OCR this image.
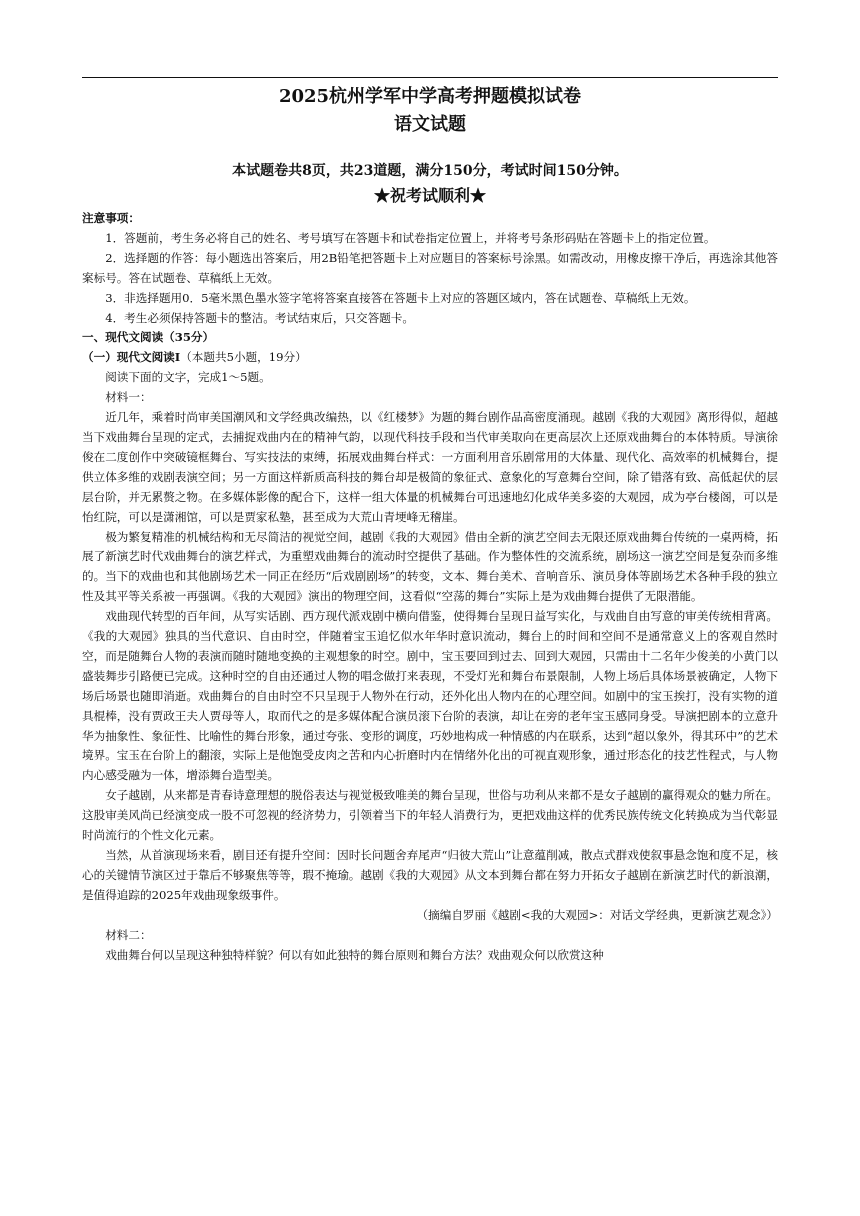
2025杭州学军中学高考押题模拟试卷
语文试题
本试题卷共8页，共23道题，满分150分，考试时间150分钟。
★祝考试顺利★

注意事项：

1．答题前，考生务必将自己的姓名、考号填写在答题卡和试卷指定位置上，并将考号条形码贴在答题卡上的指定位置。

2．选择题的作答：每小题选出答案后，用2B铅笔把答题卡上对应题目的答案标号涂黑。如需改动，用橡皮擦干净后，再选涂其他答案标号。答在试题卷、草稿纸上无效。

3．非选择题用0．5毫米黑色墨水签字笔将答案直接答在答题卡上对应的答题区域内，答在试题卷、草稿纸上无效。

4．考生必须保持答题卡的整洁。考试结束后，只交答题卡。

一、现代文阅读（35分）

（一）现代文阅读Ⅰ（本题共5小题，19分）

阅读下面的文字，完成1～5题。

材料一：

近几年，乘着时尚审美国潮风和文学经典改编热，以《红楼梦》为题的舞台剧作品高密度涌现。越剧《我的大观园》离形得似，超越当下戏曲舞台呈现的定式，去捕捉戏曲内在的精神气韵，以现代科技手段和当代审美取向在更高层次上还原戏曲舞台的本体特质。导演徐俊在二度创作中突破镜框舞台、写实技法的束缚，拓展戏曲舞台样式：一方面利用音乐剧常用的大体量、现代化、高效率的机械舞台，提供立体多维的戏剧表演空间；另一方面这样新质高科技的舞台却是极简的象征式、意象化的写意舞台空间，除了错落有致、高低起伏的层层台阶，并无累赘之物。在多媒体影像的配合下，这样一组大体量的机械舞台可迅速地幻化成华美多姿的大观园，成为亭台楼阁，可以是怡红院，可以是潇湘馆，可以是贾家私塾，甚至成为大荒山青埂峰无稽崖。

极为繁复精准的机械结构和无尽简洁的视觉空间，越剧《我的大观园》借由全新的演艺空间去无限还原戏曲舞台传统的一桌两椅，拓展了新演艺时代戏曲舞台的演艺样式，为重塑戏曲舞台的流动时空提供了基础。作为整体性的交流系统，剧场这一演艺空间是复杂而多维的。当下的戏曲也和其他剧场艺术一同正在经历“后戏剧剧场”的转变，文本、舞台美术、音响音乐、演员身体等剧场艺术各种手段的独立性及其平等关系被一再强调。《我的大观园》演出的物理空间，这看似“空荡的舞台”实际上是为戏曲舞台提供了无限潜能。

戏曲现代转型的百年间，从写实话剧、西方现代派戏剧中横向借鉴，使得舞台呈现日益写实化，与戏曲自由写意的审美传统相背离。《我的大观园》独具的当代意识、自由时空，伴随着宝玉追忆似水年华时意识流动，舞台上的时间和空间不是通常意义上的客观自然时空，而是随舞台人物的表演而随时随地变换的主观想象的时空。剧中，宝玉要回到过去、回到大观园，只需由十二名年少俊美的小黄门以盛装舞步引路便已完成。这种时空的自由还通过人物的唱念做打来表现，不受灯光和舞台布景限制，人物上场后具体场景被确定，人物下场后场景也随即消逝。戏曲舞台的自由时空不只呈现于人物外在行动，还外化出人物内在的心理空间。如剧中的宝玉挨打，没有实物的道具棍棒，没有贾政王夫人贾母等人，取而代之的是多媒体配合演员滚下台阶的表演，却让在旁的老年宝玉感同身受。导演把剧本的立意升华为抽象性、象征性、比喻性的舞台形象，通过夸张、变形的调度，巧妙地构成一种情感的内在联系，达到“超以象外，得其环中”的艺术境界。宝玉在台阶上的翻滚，实际上是他饱受皮肉之苦和内心折磨时内在情绪外化出的可视直观形象，通过形态化的技艺性程式，与人物内心感受融为一体，增添舞台造型美。

女子越剧，从来都是青春诗意理想的脱俗表达与视觉极致唯美的舞台呈现，世俗与功利从来都不是女子越剧的赢得观众的魅力所在。这股审美风尚已经演变成一股不可忽视的经济势力，引领着当下的年轻人消费行为，更把戏曲这样的优秀民族传统文化转换成为当代彰显时尚流行的个性文化元素。

当然，从首演现场来看，剧目还有提升空间：因时长问题舍弃尾声“归彼大荒山”让意蕴削减，散点式群戏使叙事悬念饱和度不足，核心的关键情节演区过于靠后不够聚焦等等，瑕不掩瑜。越剧《我的大观园》从文本到舞台都在努力开拓女子越剧在新演艺时代的新浪潮，是值得追踪的2025年戏曲现象级事件。

（摘编自罗丽《越剧<我的大观园>：对话文学经典，更新演艺观念》）

材料二：

戏曲舞台何以呈现这种独特样貌？何以有如此独特的舞台原则和舞台方法？戏曲观众何以欣赏这种
